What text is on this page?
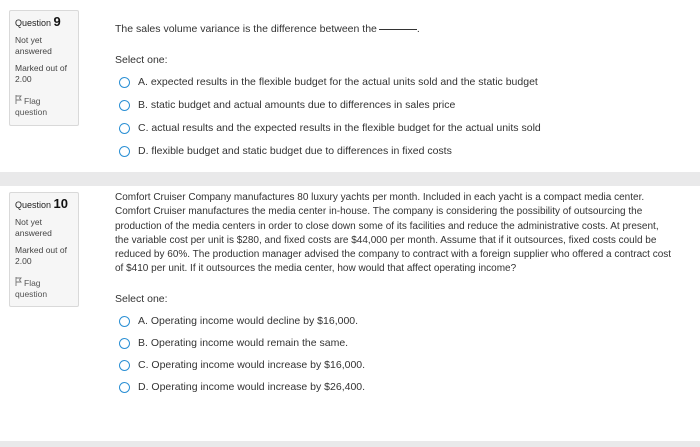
Question 9
Not yet answered
Marked out of 2.00
Flag question
The sales volume variance is the difference between the	.
Select one:
A. expected results in the flexible budget for the actual units sold and the static budget
B. static budget and actual amounts due to differences in sales price
C. actual results and the expected results in the flexible budget for the actual units sold
D. flexible budget and static budget due to differences in fixed costs
Question 10
Not yet answered
Marked out of 2.00
Flag question
Comfort Cruiser Company manufactures 80 luxury yachts per month. Included in each yacht is a compact media center. Comfort Cruiser manufactures the media center in-house. The company is considering the possibility of outsourcing the production of the media centers in order to close down some of its facilities and reduce the administrative costs. At present, the variable cost per unit is $280, and fixed costs are $44,000 per month. Assume that if it outsources, fixed costs could be reduced by 60%. The production manager advised the company to contract with a foreign supplier who offered a contract cost of $410 per unit. If it outsources the media center, how would that affect operating income?
Select one:
A. Operating income would decline by $16,000.
B. Operating income would remain the same.
C. Operating income would increase by $16,000.
D. Operating income would increase by $26,400.
